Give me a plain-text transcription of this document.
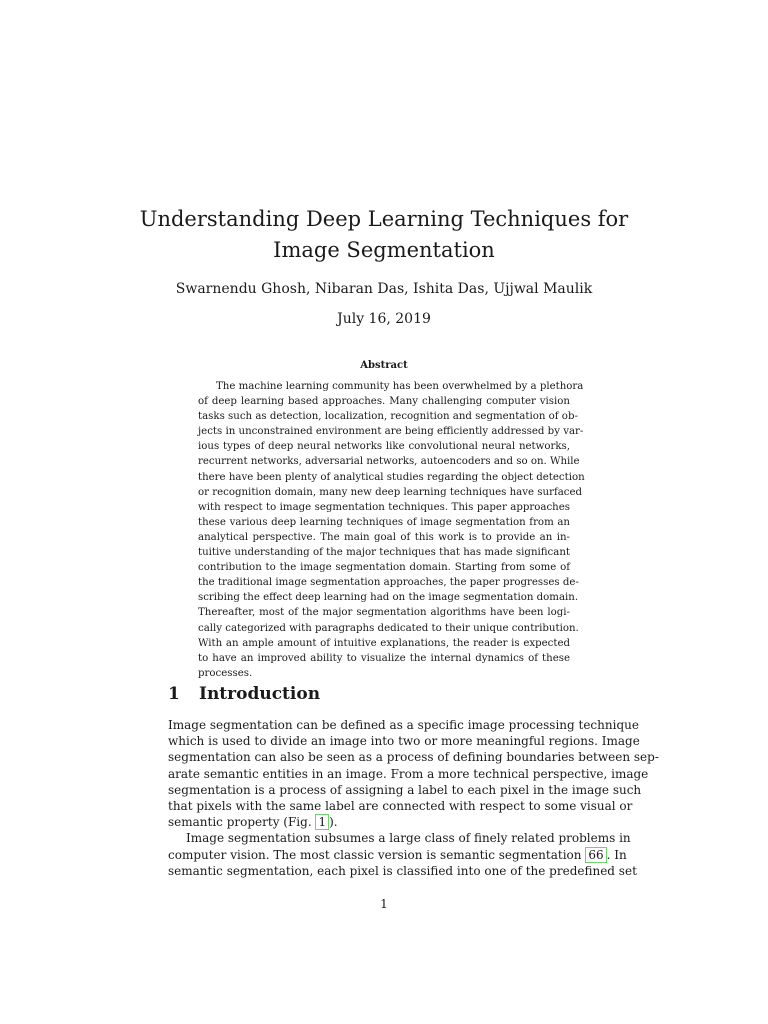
Understanding Deep Learning Techniques for
Image Segmentation
Swarnendu Ghosh, Nibaran Das, Ishita Das, Ujjwal Maulik
July 16, 2019
Abstract
The machine learning community has been overwhelmed by a plethora
of deep learning based approaches. Many challenging computer vision
tasks such as detection, localization, recognition and segmentation of ob-
jects in unconstrained environment are being efficiently addressed by var-
ious types of deep neural networks like convolutional neural networks,
recurrent networks, adversarial networks, autoencoders and so on. While
there have been plenty of analytical studies regarding the object detection
or recognition domain, many new deep learning techniques have surfaced
with respect to image segmentation techniques. This paper approaches
these various deep learning techniques of image segmentation from an
analytical perspective. The main goal of this work is to provide an in-
tuitive understanding of the major techniques that has made significant
contribution to the image segmentation domain. Starting from some of
the traditional image segmentation approaches, the paper progresses de-
scribing the effect deep learning had on the image segmentation domain.
Thereafter, most of the major segmentation algorithms have been logi-
cally categorized with paragraphs dedicated to their unique contribution.
With an ample amount of intuitive explanations, the reader is expected
to have an improved ability to visualize the internal dynamics of these
processes.
1 Introduction
Image segmentation can be defined as a specific image processing technique
which is used to divide an image into two or more meaningful regions. Image
segmentation can also be seen as a process of defining boundaries between sep-
arate semantic entities in an image. From a more technical perspective, image
segmentation is a process of assigning a label to each pixel in the image such
that pixels with the same label are connected with respect to some visual or
semantic property (Fig. 1 ).
Image segmentation subsumes a large class of finely related problems in
computer vision. The most classic version is semantic segmentation 66 . In
semantic segmentation, each pixel is classified into one of the predefined set
1
